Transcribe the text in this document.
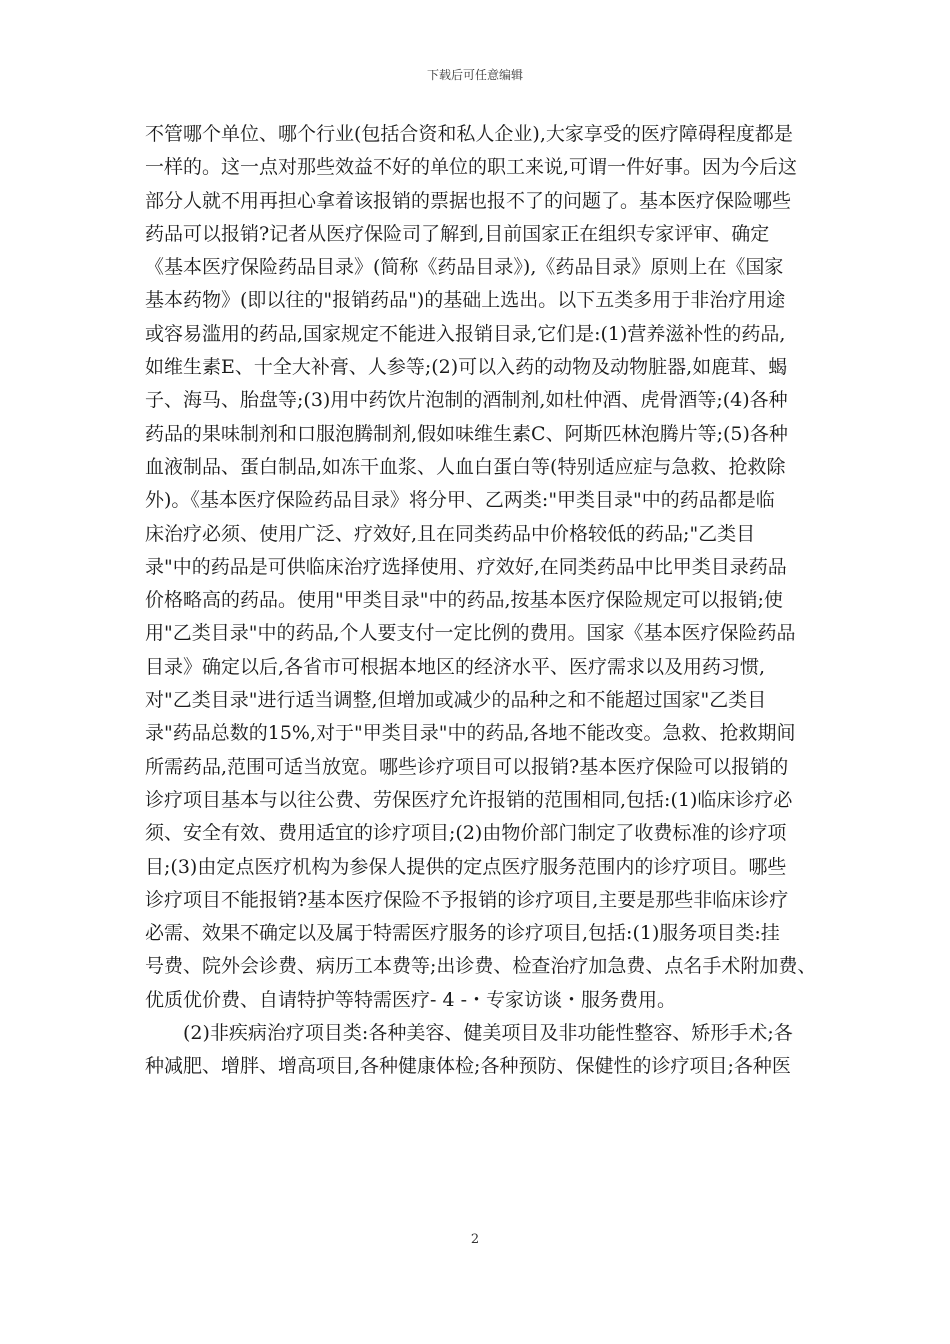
下载后可任意编辑
不管哪个单位、哪个行业(包括合资和私人企业),大家享受的医疗障碍程度都是
一样的。这一点对那些效益不好的单位的职工来说,可谓一件好事。因为今后这
部分人就不用再担心拿着该报销的票据也报不了的问题了。基本医疗保险哪些
药品可以报销?记者从医疗保险司了解到,目前国家正在组织专家评审、确定
《基本医疗保险药品目录》(简称《药品目录》),《药品目录》原则上在《国家
基本药物》(即以往的"报销药品")的基础上选出。以下五类多用于非治疗用途
或容易滥用的药品,国家规定不能进入报销目录,它们是:(1)营养滋补性的药品,
如维生素E、十全大补膏、人参等;(2)可以入药的动物及动物脏器,如鹿茸、蝎
子、海马、胎盘等;(3)用中药饮片泡制的酒制剂,如杜仲酒、虎骨酒等;(4)各种
药品的果味制剂和口服泡腾制剂,假如味维生素C、阿斯匹林泡腾片等;(5)各种
血液制品、蛋白制品,如冻干血浆、人血白蛋白等(特别适应症与急救、抢救除
外)。《基本医疗保险药品目录》将分甲、乙两类:"甲类目录"中的药品都是临
床治疗必须、使用广泛、疗效好,且在同类药品中价格较低的药品;"乙类目
录"中的药品是可供临床治疗选择使用、疗效好,在同类药品中比甲类目录药品
价格略高的药品。使用"甲类目录"中的药品,按基本医疗保险规定可以报销;使
用"乙类目录"中的药品,个人要支付一定比例的费用。国家《基本医疗保险药品
目录》确定以后,各省市可根据本地区的经济水平、医疗需求以及用药习惯,
对"乙类目录"进行适当调整,但增加或减少的品种之和不能超过国家"乙类目
录"药品总数的15%,对于"甲类目录"中的药品,各地不能改变。急救、抢救期间
所需药品,范围可适当放宽。哪些诊疗项目可以报销?基本医疗保险可以报销的
诊疗项目基本与以往公费、劳保医疗允许报销的范围相同,包括:(1)临床诊疗必
须、安全有效、费用适宜的诊疗项目;(2)由物价部门制定了收费标准的诊疗项
目;(3)由定点医疗机构为参保人提供的定点医疗服务范围内的诊疗项目。哪些
诊疗项目不能报销?基本医疗保险不予报销的诊疗项目,主要是那些非临床诊疗
必需、效果不确定以及属于特需医疗服务的诊疗项目,包括:(1)服务项目类:挂
号费、院外会诊费、病历工本费等;出诊费、检查治疗加急费、点名手术附加费、
优质优价费、自请特护等特需医疗- 4 -・专家访谈・服务费用。
(2)非疾病治疗项目类:各种美容、健美项目及非功能性整容、矫形手术;各
种减肥、增胖、增高项目,各种健康体检;各种预防、保健性的诊疗项目;各种医
2
